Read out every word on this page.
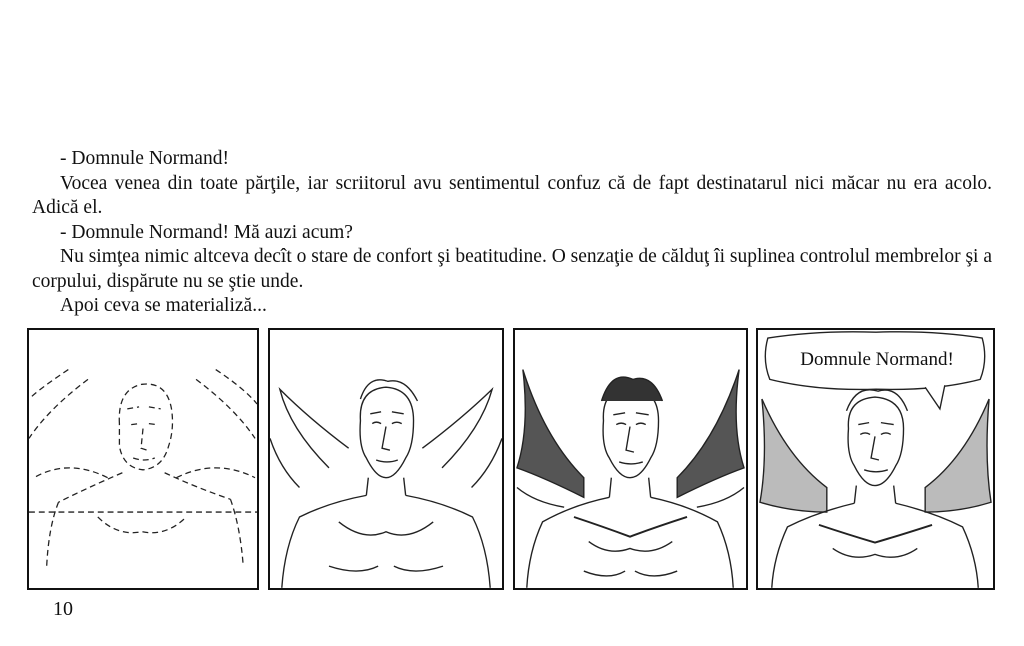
- Domnule Normand!

Vocea venea din toate părţile, iar scriitorul avu sentimentul confuz că de fapt destinatarul nici măcar nu era acolo. Adică el.

- Domnule Normand! Mă auzi acum?

Nu simţea nimic altceva decît o stare de confort şi beatitudine. O senzaţie de călduţ îi suplinea controlul membrelor şi a corpului, dispărute nu se ştie unde.

Apoi ceva se materializă...

Domnule Normand!
10
